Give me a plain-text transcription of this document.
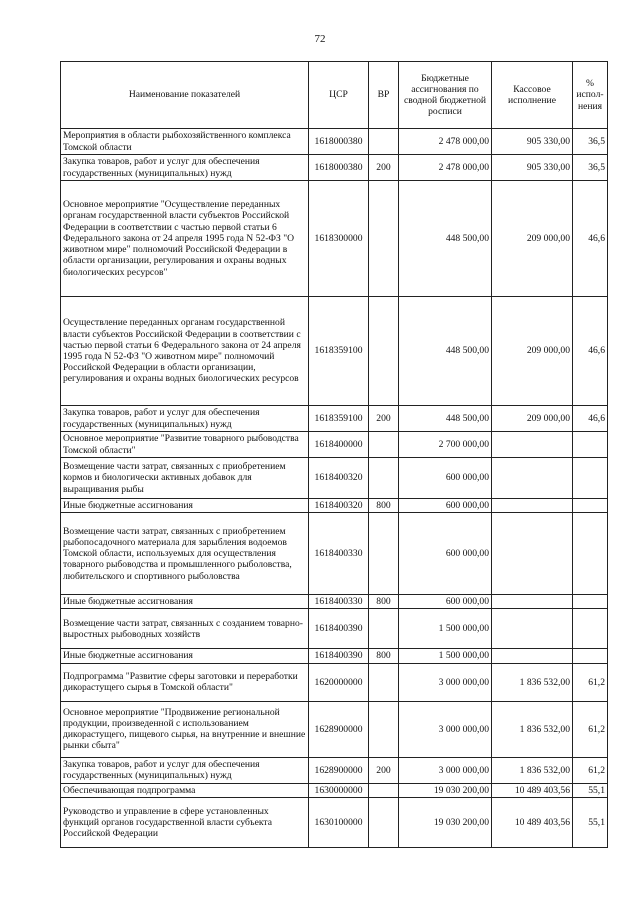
72
Наименование показателей	ЦСР	ВР	Бюджетные ассигнования по сводной бюджетной росписи	Кассовое исполнение	% испол-нения
Мероприятия в области рыбохозяйственного комплекса Томской области	1618000380		2 478 000,00	905 330,00	36,5
Закупка товаров, работ и услуг для обеспечения государственных (муниципальных) нужд	1618000380	200	2 478 000,00	905 330,00	36,5
Основное мероприятие "Осуществление переданных органам государственной власти субъектов Российской Федерации в соответствии с частью первой статьи 6 Федерального закона от 24 апреля 1995 года N 52-ФЗ "О животном мире" полномочий Российской Федерации в области организации, регулирования и охраны водных биологических ресурсов"	1618300000		448 500,00	209 000,00	46,6
Осуществление переданных органам государственной власти субъектов Российской Федерации в соответствии с частью первой статьи 6 Федерального закона от 24 апреля 1995 года N 52-ФЗ "О животном мире" полномочий Российской Федерации в области организации, регулирования и охраны водных биологических ресурсов	1618359100		448 500,00	209 000,00	46,6
Закупка товаров, работ и услуг для обеспечения государственных (муниципальных) нужд	1618359100	200	448 500,00	209 000,00	46,6
Основное мероприятие "Развитие товарного рыбоводства Томской области"	1618400000		2 700 000,00		
Возмещение части затрат, связанных с приобретением кормов и биологически активных добавок для выращивания рыбы	1618400320		600 000,00		
Иные бюджетные ассигнования	1618400320	800	600 000,00		
Возмещение части затрат, связанных с приобретением рыбопосадочного материала для зарыбления водоемов Томской области, используемых для осуществления товарного рыбоводства и промышленного рыболовства, любительского и спортивного рыболовства	1618400330		600 000,00		
Иные бюджетные ассигнования	1618400330	800	600 000,00		
Возмещение части затрат, связанных с созданием товарно-выростных рыбоводных хозяйств	1618400390		1 500 000,00		
Иные бюджетные ассигнования	1618400390	800	1 500 000,00		
Подпрограмма "Развитие сферы заготовки и переработки дикорастущего сырья в Томской области"	1620000000		3 000 000,00	1 836 532,00	61,2
Основное мероприятие "Продвижение региональной продукции, произведенной с использованием дикорастущего, пищевого сырья, на внутренние и внешние рынки сбыта"	1628900000		3 000 000,00	1 836 532,00	61,2
Закупка товаров, работ и услуг для обеспечения государственных (муниципальных) нужд	1628900000	200	3 000 000,00	1 836 532,00	61,2
Обеспечивающая подпрограмма	1630000000		19 030 200,00	10 489 403,56	55,1
Руководство и управление в сфере установленных функций органов государственной власти субъекта Российской Федерации	1630100000		19 030 200,00	10 489 403,56	55,1
